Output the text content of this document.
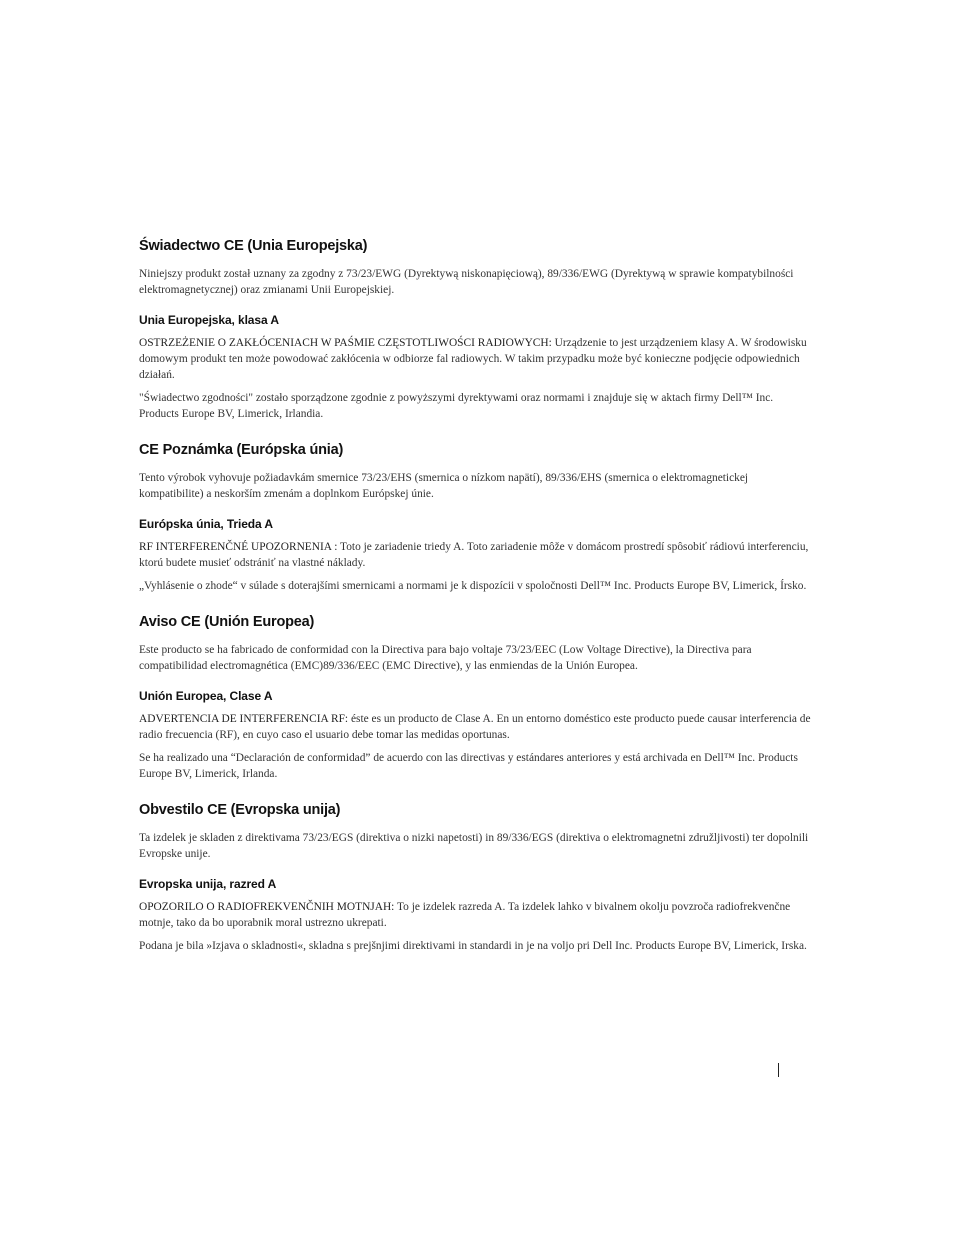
Świadectwo CE (Unia Europejska)

Niniejszy produkt został uznany za zgodny z 73/23/EWG (Dyrektywą niskonapięciową), 89/336/EWG (Dyrektywą w sprawie kompatybilności elektromagnetycznej) oraz zmianami Unii Europejskiej.

Unia Europejska, klasa A

OSTRZEŻENIE O ZAKŁÓCENIACH W PAŚMIE CZĘSTOTLIWOŚCI RADIOWYCH: Urządzenie to jest urządzeniem klasy A. W środowisku domowym produkt ten może powodować zakłócenia w odbiorze fal radiowych. W takim przypadku może być konieczne podjęcie odpowiednich działań.

"Świadectwo zgodności" zostało sporządzone zgodnie z powyższymi dyrektywami oraz normami i znajduje się w aktach firmy Dell™ Inc. Products Europe BV, Limerick, Irlandia.

CE Poznámka (Európska únia)

Tento výrobok vyhovuje požiadavkám smernice 73/23/EHS (smernica o nízkom napätí), 89/336/EHS (smernica o elektromagnetickej kompatibilite) a neskorším zmenám a doplnkom Európskej únie.

Európska únia, Trieda A

RF INTERFERENČNÉ UPOZORNENIA : Toto je zariadenie triedy A. Toto zariadenie môže v domácom prostredí spôsobiť rádiovú interferenciu, ktorú budete musieť odstrániť na vlastné náklady.

„Vyhlásenie o zhode“ v súlade s doterajšími smernicami a normami je k dispozícii v spoločnosti Dell™ Inc. Products Europe BV, Limerick, Írsko.

Aviso CE (Unión Europea)

Este producto se ha fabricado de conformidad con la Directiva para bajo voltaje 73/23/EEC (Low Voltage Directive), la Directiva para compatibilidad electromagnética (EMC)89/336/EEC (EMC Directive), y las enmiendas de la Unión Europea.

Unión Europea, Clase A

ADVERTENCIA DE INTERFERENCIA RF: éste es un producto de Clase A. En un entorno doméstico este producto puede causar interferencia de radio frecuencia (RF), en cuyo caso el usuario debe tomar las medidas oportunas.

Se ha realizado una “Declaración de conformidad” de acuerdo con las directivas y estándares anteriores y está archivada en Dell™ Inc. Products Europe BV, Limerick, Irlanda.

Obvestilo CE (Evropska unija)

Ta izdelek je skladen z direktivama 73/23/EGS (direktiva o nizki napetosti) in 89/336/EGS (direktiva o elektromagnetni združljivosti) ter dopolnili Evropske unije.

Evropska unija, razred A

OPOZORILO O RADIOFREKVENČNIH MOTNJAH: To je izdelek razreda A. Ta izdelek lahko v bivalnem okolju povzroča radiofrekvenčne motnje, tako da bo uporabnik moral ustrezno ukrepati.

Podana je bila »Izjava o skladnosti«, skladna s prejšnjimi direktivami in standardi in je na voljo pri Dell Inc. Products Europe BV, Limerick, Irska.
